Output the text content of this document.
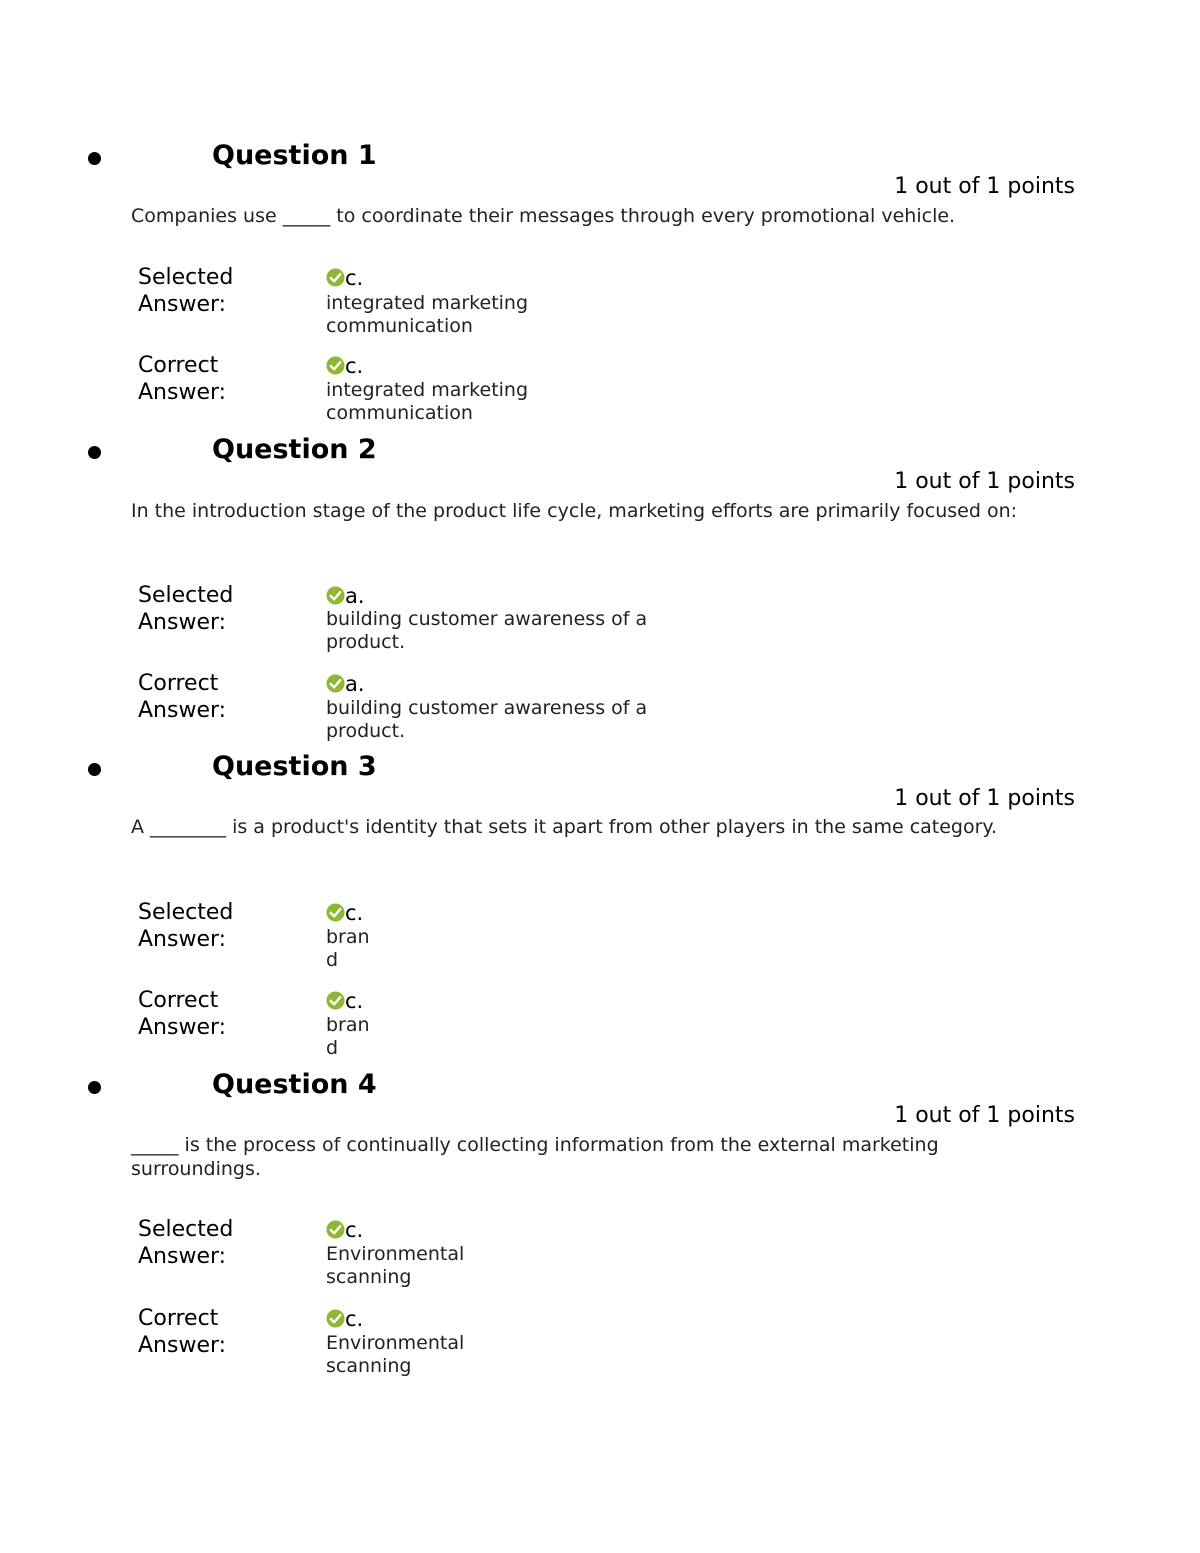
Question 1
1 out of 1 points
Companies use _____ to coordinate their messages through every promotional vehicle.
Selected
Answer:
c.
integrated marketing
communication
Correct
Answer:
c.
integrated marketing
communication
Question 2
1 out of 1 points
In the introduction stage of the product life cycle, marketing efforts are primarily focused on:
Selected
Answer:
a.
building customer awareness of a
product.
Correct
Answer:
a.
building customer awareness of a
product.
Question 3
1 out of 1 points
A ________ is a product's identity that sets it apart from other players in the same category.
Selected
Answer:
c.
bran
d
Correct
Answer:
c.
bran
d
Question 4
1 out of 1 points
_____ is the process of continually collecting information from the external marketing surroundings.
Selected
Answer:
c.
Environmental
scanning
Correct
Answer:
c.
Environmental
scanning
